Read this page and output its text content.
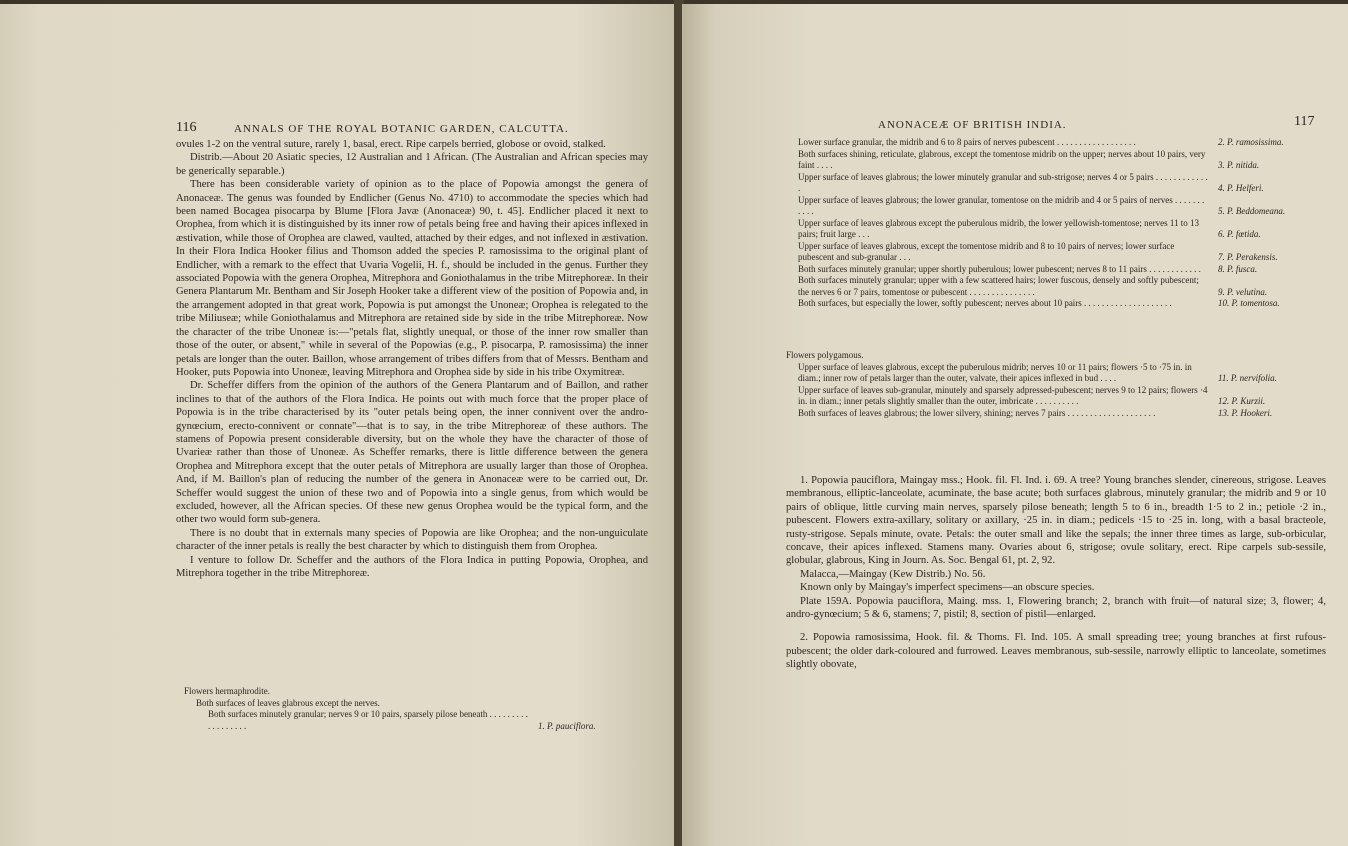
116	ANNALS OF THE ROYAL BOTANIC GARDEN, CALCUTTA.

ovules 1-2 on the ventral suture, rarely 1, basal, erect. Ripe carpels berried, globose or ovoid, stalked.

Distrib.—About 20 Asiatic species, 12 Australian and 1 African. (The Australian and African species may be generically separable.)

There has been considerable variety of opinion as to the place of Popowia amongst the genera of Anonaceæ. The genus was founded by Endlicher (Genus No. 4710) to accommodate the species which had been named Bocagea pisocarpa by Blume [Flora Javæ (Anonaceæ) 90, t. 45]. Endlicher placed it next to Orophea, from which it is distinguished by its inner row of petals being free and having their apices inflexed in æstivation, while those of Orophea are clawed, vaulted, attached by their edges, and not inflexed in æstivation. In their Flora Indica Hooker filius and Thomson added the species P. ramosissima to the original plant of Endlicher, with a remark to the effect that Uvaria Vogelii, H. f., should be included in the genus. Further they associated Popowia with the genera Orophea, Mitrephora and Goniothalamus in the tribe Mitrephoreæ. In their Genera Plantarum Mr. Bentham and Sir Joseph Hooker take a different view of the position of Popowia and, in the arrangement adopted in that great work, Popowia is put amongst the Unoneæ; Orophea is relegated to the tribe Miliuseæ; while Goniothalamus and Mitrephora are retained side by side in the tribe Mitrephoreæ. Now the character of the tribe Unoneæ is:—"petals flat, slightly unequal, or those of the inner row smaller than those of the outer, or absent," while in several of the Popowias (e.g., P. pisocarpa, P. ramosissima) the inner petals are longer than the outer. Baillon, whose arrangement of tribes differs from that of Messrs. Bentham and Hooker, puts Popowia into Unoneæ, leaving Mitrephora and Orophea side by side in his tribe Oxymitreæ.

Dr. Scheffer differs from the opinion of the authors of the Genera Plantarum and of Baillon, and rather inclines to that of the authors of the Flora Indica. He points out with much force that the proper place of Popowia is in the tribe characterised by its "outer petals being open, the inner connivent over the andro-gynœcium, erecto-connivent or connate"—that is to say, in the tribe Mitrephoreæ of these authors. The stamens of Popowia present considerable diversity, but on the whole they have the character of those of Uvarieæ rather than those of Unoneæ. As Scheffer remarks, there is little difference between the genera Orophea and Mitrephora except that the outer petals of Mitrephora are usually larger than those of Orophea. And, if M. Baillon's plan of reducing the number of the genera in Anonaceæ were to be carried out, Dr. Scheffer would suggest the union of these two and of Popowia into a single genus, from which would be excluded, however, all the African species. Of these new genus Orophea would be the typical form, and the other two would form sub-genera.

There is no doubt that in externals many species of Popowia are like Orophea; and the non-unguiculate character of the inner petals is really the best character by which to distinguish them from Orophea.

I venture to follow Dr. Scheffer and the authors of the Flora Indica in putting Popowia, Orophea, and Mitrephora together in the tribe Mitrephoreæ.

Flowers hermaphrodite.

Both surfaces of leaves glabrous except the nerves.

Both surfaces minutely granular; nerves 9 or 10 pairs, sparsely pilose beneath . . . . . . . . . . . . . . . . . .	1. P. pauciflora.
ANONACEÆ OF BRITISH INDIA.	117
Lower surface granular, the midrib and 6 to 8 pairs of nerves pubescent . . . . . . . . . . . . . . . . . .	2. P. ramosissima.
Both surfaces shining, reticulate, glabrous, except the tomentose midrib on the upper; nerves about 10 pairs, very faint . . . .	3. P. nitida.
Upper surface of leaves glabrous; the lower minutely granular and sub-strigose; nerves 4 or 5 pairs . . . . . . . . . . . . .	4. P. Helferi.
Upper surface of leaves glabrous; the lower granular, tomentose on the midrib and 4 or 5 pairs of nerves . . . . . . . . . . .	5. P. Beddomeana.
Upper surface of leaves glabrous except the puberulous midrib, the lower yellowish-tomentose; nerves 11 to 13 pairs; fruit large . . .	6. P. fœtida.
Upper surface of leaves glabrous, except the tomentose midrib and 8 to 10 pairs of nerves; lower surface pubescent and sub-granular . . .	7. P. Perakensis.
Both surfaces minutely granular; upper shortly puberulous; lower pubescent; nerves 8 to 11 pairs . . . . . . . . . . . .	8. P. fusca.
Both surfaces minutely granular; upper with a few scattered hairs; lower fuscous, densely and softly pubescent; the nerves 6 or 7 pairs, tomentose or pubescent . . . . . . . . . . . . . . .	9. P. velutina.
Both surfaces, but especially the lower, softly pubescent; nerves about 10 pairs . . . . . . . . . . . . . . . . . . . .	10. P. tomentosa.

Flowers polygamous.

Upper surface of leaves glabrous, except the puberulous midrib; nerves 10 or 11 pairs; flowers ·5 to ·75 in. in diam.; inner row of petals larger than the outer, valvate, their apices inflexed in bud . . . .	11. P. nervifolia.
Upper surface of leaves sub-granular, minutely and sparsely adpressed-pubescent; nerves 9 to 12 pairs; flowers ·4 in. in diam.; inner petals slightly smaller than the outer, imbricate . . . . . . . . . .	12. P. Kurzii.
Both surfaces of leaves glabrous; the lower silvery, shining; nerves 7 pairs . . . . . . . . . . . . . . . . . . . .	13. P. Hookeri.

1. Popowia pauciflora, Maingay mss.; Hook. fil. Fl. Ind. i. 69. A tree? Young branches slender, cinereous, strigose. Leaves membranous, elliptic-lanceolate, acuminate, the base acute; both surfaces glabrous, minutely granular; the midrib and 9 or 10 pairs of oblique, little curving main nerves, sparsely pilose beneath; length 5 to 6 in., breadth 1·5 to 2 in.; petiole ·2 in., pubescent. Flowers extra-axillary, solitary or axillary, ·25 in. in diam.; pedicels ·15 to ·25 in. long, with a basal bracteole, rusty-strigose. Sepals minute, ovate. Petals: the outer small and like the sepals; the inner three times as large, sub-orbicular, concave, their apices inflexed. Stamens many. Ovaries about 6, strigose; ovule solitary, erect. Ripe carpels sub-sessile, globular, glabrous, King in Journ. As. Soc. Bengal 61, pt. 2, 92.

Malacca,—Maingay (Kew Distrib.) No. 56.

Known only by Maingay's imperfect specimens—an obscure species.

Plate 159A. Popowia pauciflora, Maing. mss. 1, Flowering branch; 2, branch with fruit—of natural size; 3, flower; 4, andro-gynœcium; 5 & 6, stamens; 7, pistil; 8, section of pistil—enlarged.

2. Popowia ramosissima, Hook. fil. & Thoms. Fl. Ind. 105. A small spreading tree; young branches at first rufous-pubescent; the older dark-coloured and furrowed. Leaves membranous, sub-sessile, narrowly elliptic to lanceolate, sometimes slightly obovate,
